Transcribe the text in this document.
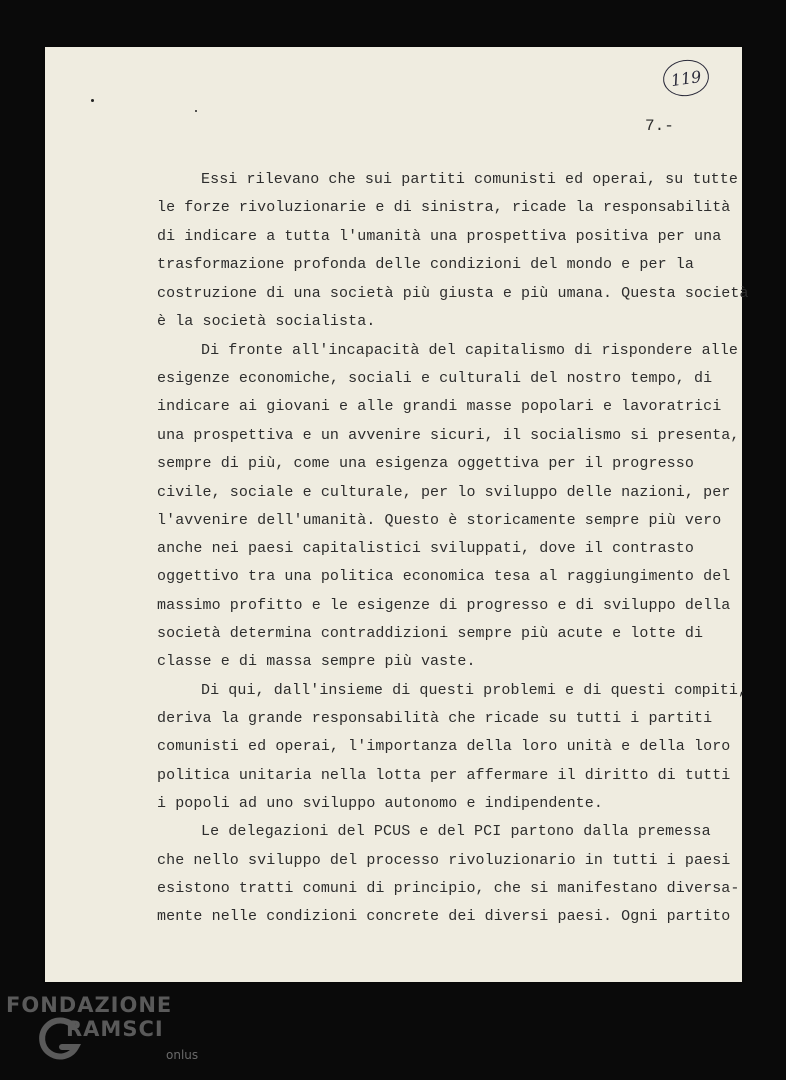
119
7.-
Essi rilevano che sui partiti comunisti ed operai, su tutte
le forze rivoluzionarie e di sinistra, ricade la responsabilità
di indicare a tutta l'umanità una prospettiva positiva per una
trasformazione profonda delle condizioni del mondo e per la
costruzione di una società più giusta e più umana. Questa società
è la società socialista.
Di fronte all'incapacità del capitalismo di rispondere alle
esigenze economiche, sociali e culturali del nostro tempo, di
indicare ai giovani e alle grandi masse popolari e lavoratrici
una prospettiva e un avvenire sicuri, il socialismo si presenta,
sempre di più, come una esigenza oggettiva per il progresso
civile, sociale e culturale, per lo sviluppo delle nazioni, per
l'avvenire dell'umanità. Questo è storicamente sempre più vero
anche nei paesi capitalistici sviluppati, dove il contrasto
oggettivo tra una politica economica tesa al raggiungimento del
massimo profitto e le esigenze di progresso e di sviluppo della
società determina contraddizioni sempre più acute e lotte di
classe e di massa sempre più vaste.
Di qui, dall'insieme di questi problemi e di questi compiti,
deriva la grande responsabilità che ricade su tutti i partiti
comunisti ed operai, l'importanza della loro unità e della loro
politica unitaria nella lotta per affermare il diritto di tutti
i popoli ad uno sviluppo autonomo e indipendente.
Le delegazioni del PCUS e del PCI partono dalla premessa
che nello sviluppo del processo rivoluzionario in tutti i paesi
esistono tratti comuni di principio, che si manifestano diversa-
mente nelle condizioni concrete dei diversi paesi. Ogni partito
FONDAZIONE
RAMSCI
onlus
